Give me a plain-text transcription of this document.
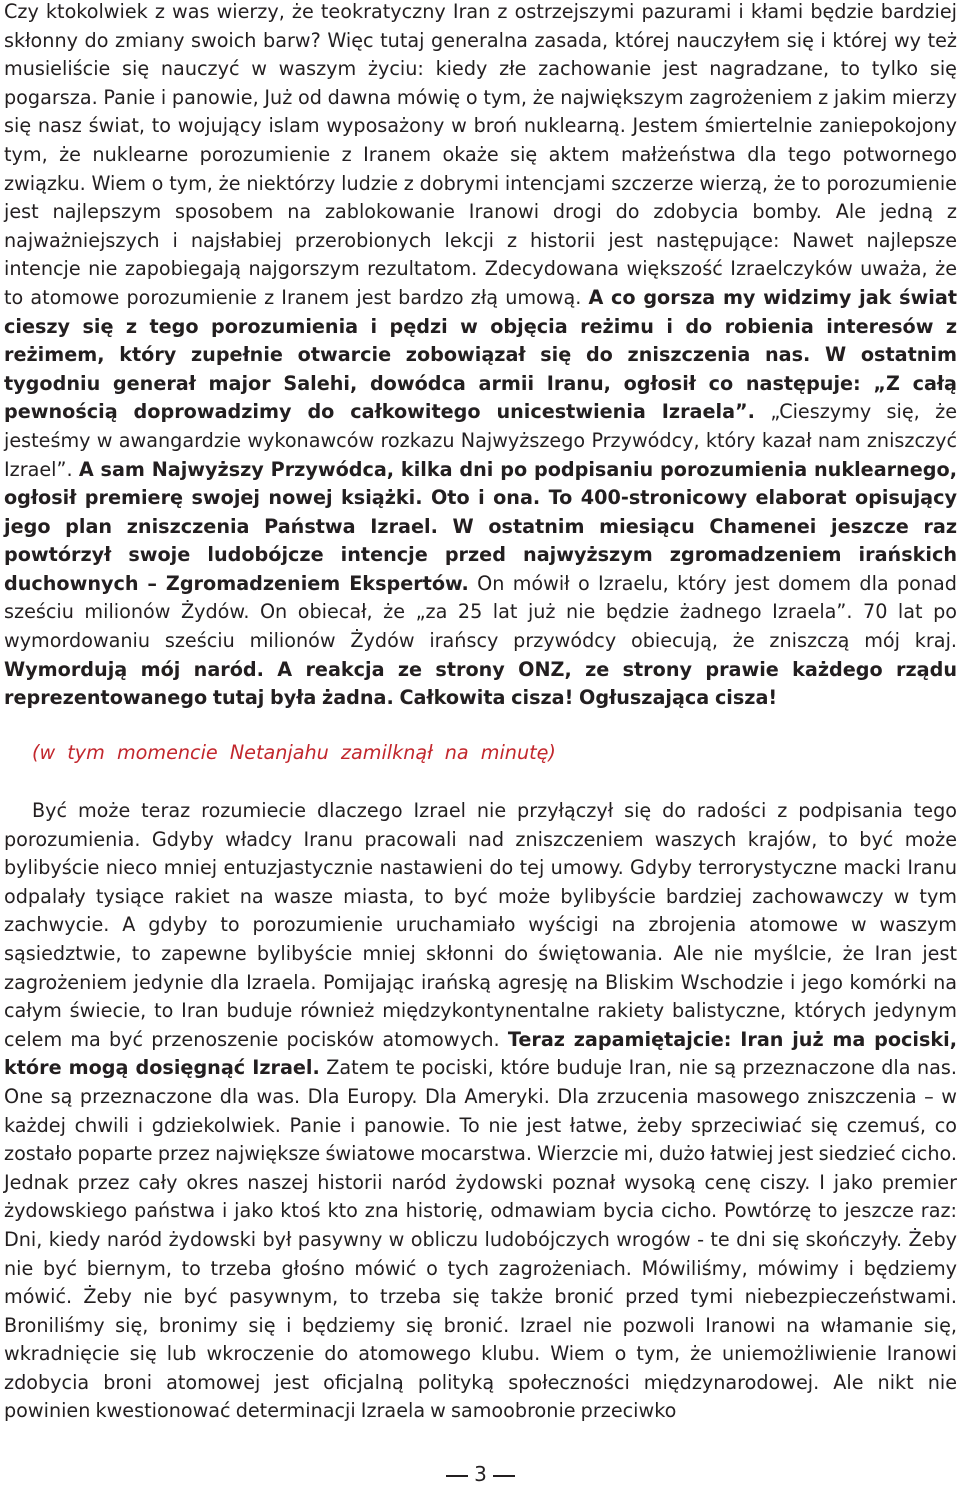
Czy ktokolwiek z was wierzy, że teokratyczny Iran z ostrzejszymi pazurami i kłami będzie bardziej skłonny do zmiany swoich barw? Więc tutaj generalna zasada, której nauczyłem się i której wy też musieliście się nauczyć w waszym życiu: kiedy złe zachowanie jest nagradzane, to tylko się pogarsza. Panie i panowie, Już od dawna mówię o tym, że największym zagrożeniem z jakim mierzy się nasz świat, to wojujący islam wyposażony w broń nuklearną. Jestem śmiertelnie zaniepokojony tym, że nuklearne porozumienie z Iranem okaże się aktem małżeństwa dla tego potwornego związku. Wiem o tym, że niektórzy ludzie z dobrymi intencjami szczerze wierzą, że to porozumienie jest najlepszym sposobem na zablokowanie Iranowi drogi do zdobycia bomby. Ale jedną z najważniejszych i najsłabiej przerobionych lekcji z historii jest następujące: Nawet najlepsze intencje nie zapobiegają najgorszym rezultatom. Zdecydowana większość Izraelczyków uważa, że to atomowe porozumienie z Iranem jest bardzo złą umową. A co gorsza my widzimy jak świat cieszy się z tego porozumienia i pędzi w objęcia reżimu i do robienia interesów z reżimem, który zupełnie otwarcie zobowiązał się do zniszczenia nas. W ostatnim tygodniu generał major Salehi, dowódca armii Iranu, ogłosił co następuje: „Z całą pewnością doprowadzimy do całkowitego unicestwienia Izraela”. „Cieszymy się, że jesteśmy w awangardzie wykonawców rozkazu Najwyższego Przywódcy, który kazał nam zniszczyć Izrael”. A sam Najwyższy Przywódca, kilka dni po podpisaniu porozumienia nuklearnego, ogłosił premierę swojej nowej książki. Oto i ona. To 400-stronicowy elaborat opisujący jego plan zniszczenia Państwa Izrael. W ostatnim miesiącu Chamenei jeszcze raz powtórzył swoje ludobójcze intencje przed najwyższym zgromadzeniem irańskich duchownych – Zgromadzeniem Ekspertów. On mówił o Izraelu, który jest domem dla ponad sześciu milionów Żydów. On obiecał, że „za 25 lat już nie będzie żadnego Izraela”. 70 lat po wymordowaniu sześciu milionów Żydów irańscy przywódcy obiecują, że zniszczą mój kraj. Wymordują mój naród. A reakcja ze strony ONZ, ze strony prawie każdego rządu reprezentowanego tutaj była żadna. Całkowita cisza! Ogłuszająca cisza!

(w tym momencie Netanjahu zamilknął na minutę)

Być może teraz rozumiecie dlaczego Izrael nie przyłączył się do radości z podpisania tego porozumienia. Gdyby władcy Iranu pracowali nad zniszczeniem waszych krajów, to być może bylibyście nieco mniej entuzjastycznie nastawieni do tej umowy. Gdyby terrorystyczne macki Iranu odpalały tysiące rakiet na wasze miasta, to być może bylibyście bardziej zachowawczy w tym zachwycie. A gdyby to porozumienie uruchamiało wyścigi na zbrojenia atomowe w waszym sąsiedztwie, to zapewne bylibyście mniej skłonni do świętowania. Ale nie myślcie, że Iran jest zagrożeniem jedynie dla Izraela. Pomijając irańską agresję na Bliskim Wschodzie i jego komórki na całym świecie, to Iran buduje również międzykontynentalne rakiety balistyczne, których jedynym celem ma być przenoszenie pocisków atomowych. Teraz zapamiętajcie: Iran już ma pociski, które mogą dosięgnąć Izrael. Zatem te pociski, które buduje Iran, nie są przeznaczone dla nas. One są przeznaczone dla was. Dla Europy. Dla Ameryki. Dla zrzucenia masowego zniszczenia – w każdej chwili i gdziekolwiek. Panie i panowie. To nie jest łatwe, żeby sprzeciwiać się czemuś, co zostało poparte przez największe światowe mocarstwa. Wierzcie mi, dużo łatwiej jest siedzieć cicho. Jednak przez cały okres naszej historii naród żydowski poznał wysoką cenę ciszy. I jako premier żydowskiego państwa i jako ktoś kto zna historię, odmawiam bycia cicho. Powtórzę to jeszcze raz: Dni, kiedy naród żydowski był pasywny w obliczu ludobójczych wrogów - te dni się skończyły. Żeby nie być biernym, to trzeba głośno mówić o tych zagrożeniach. Mówiliśmy, mówimy i będziemy mówić. Żeby nie być pasywnym, to trzeba się także bronić przed tymi niebezpieczeństwami. Broniliśmy się, bronimy się i będziemy się bronić. Izrael nie pozwoli Iranowi na włamanie się, wkradnięcie się lub wkroczenie do atomowego klubu. Wiem o tym, że uniemożliwienie Iranowi zdobycia broni atomowej jest oficjalną polityką społeczności międzynarodowej. Ale nikt nie powinien kwestionować determinacji Izraela w samoobronie przeciwko

3
